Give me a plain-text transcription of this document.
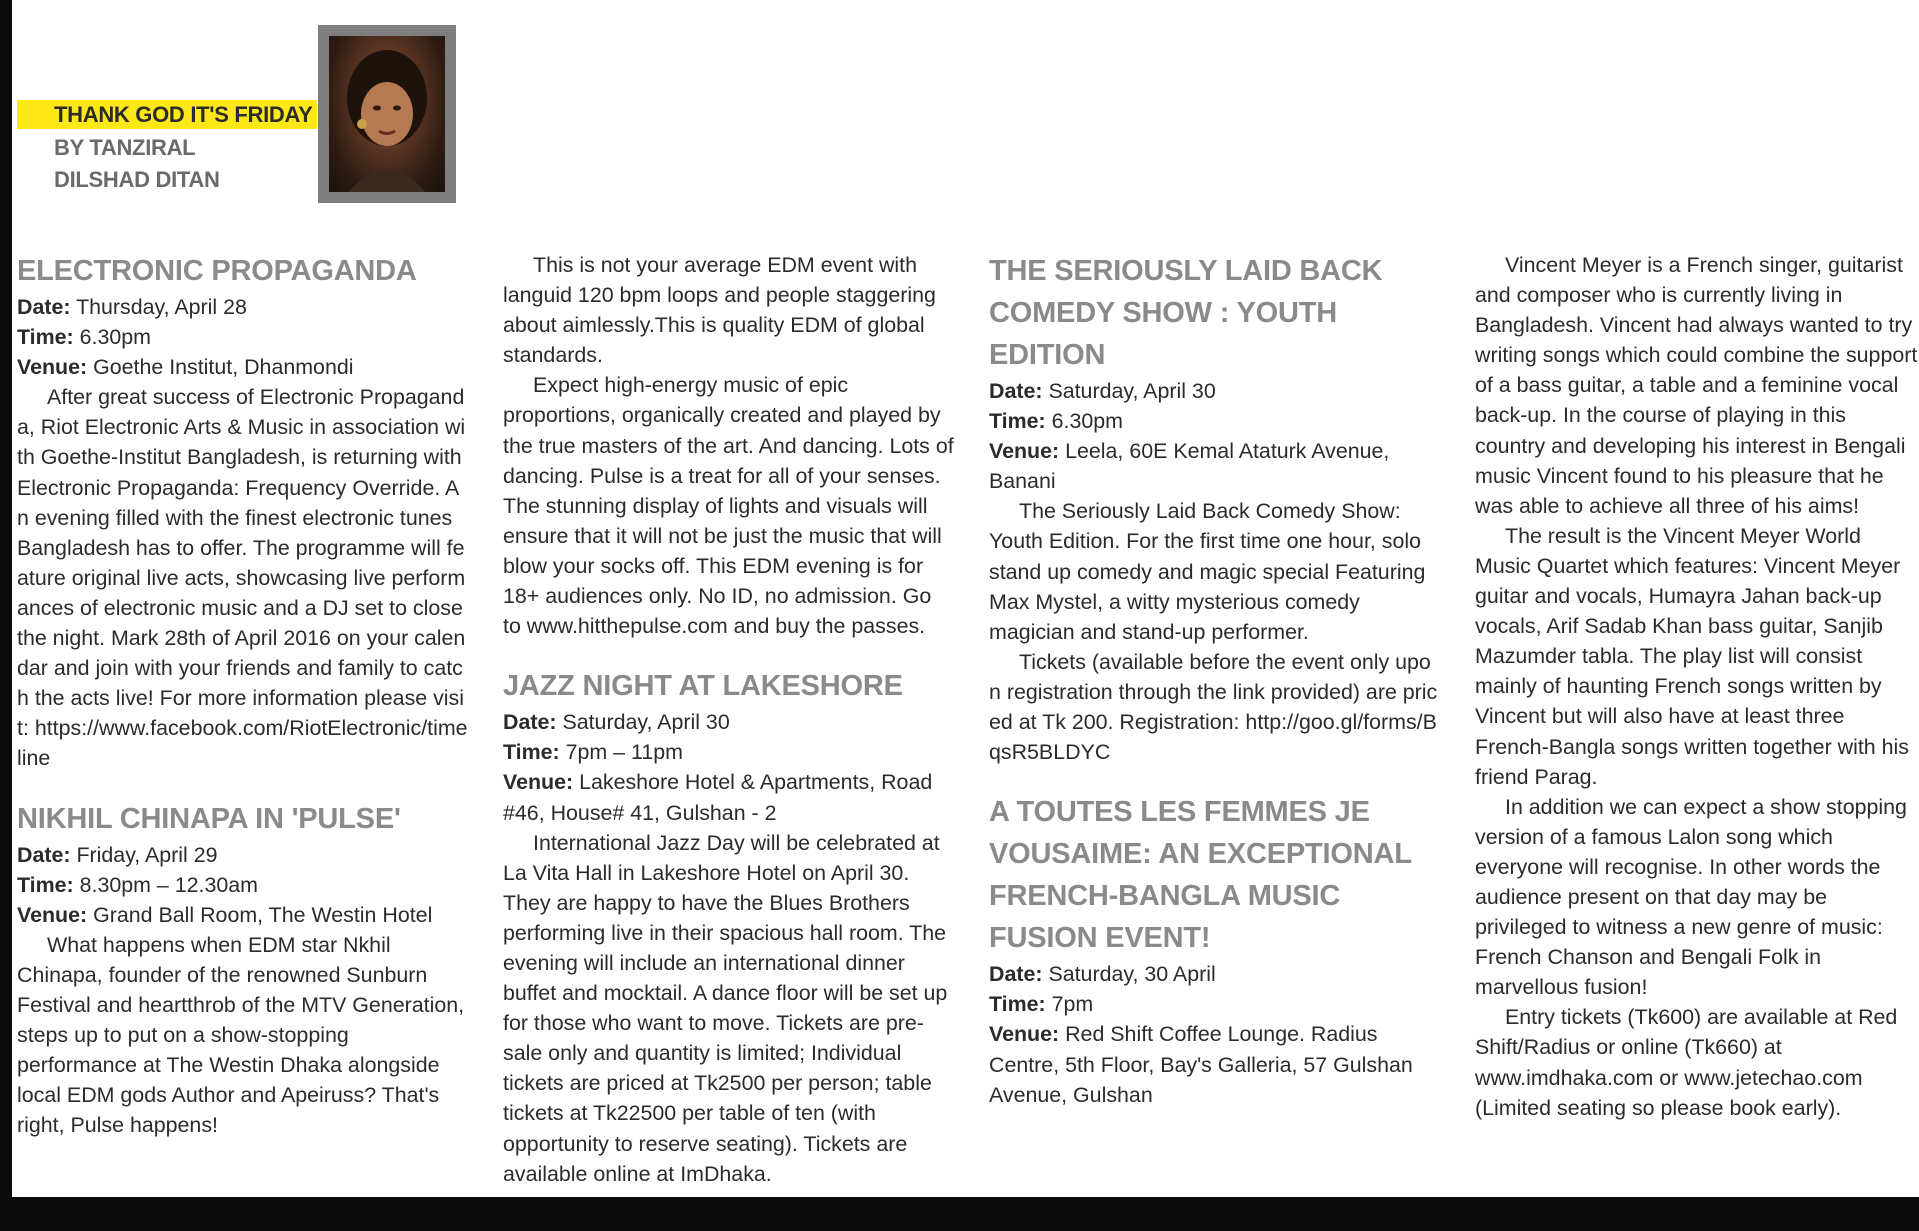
THANK GOD IT'S FRIDAY
BY TANZIRAL DILSHAD DITAN
ELECTRONIC PROPAGANDA

Date: Thursday, April 28

Time: 6.30pm

Venue: Goethe Institut, Dhanmondi

After great success of Electronic Propaganda, Riot Electronic Arts & Music in association with Goethe-Institut Bangladesh, is returning with Electronic Propaganda: Frequency Override. An evening filled with the finest electronic tunes Bangladesh has to offer. The programme will feature original live acts, showcasing live performances of electronic music and a DJ set to close the night. Mark 28th of April 2016 on your calendar and join with your friends and family to catch the acts live! For more information please visit: https://www.facebook.com/RiotElectronic/timeline

NIKHIL CHINAPA IN 'PULSE'

Date: Friday, April 29

Time: 8.30pm – 12.30am

Venue: Grand Ball Room, The Westin Hotel

What happens when EDM star Nkhil Chinapa, founder of the renowned Sunburn Festival and heartthrob of the MTV Generation, steps up to put on a show-stopping performance at The Westin Dhaka alongside local EDM gods Author and Apeiruss? That's right, Pulse happens!

This is not your average EDM event with languid 120 bpm loops and people staggering about aimlessly.This is quality EDM of global standards.

Expect high-energy music of epic proportions, organically created and played by the true masters of the art. And dancing. Lots of dancing. Pulse is a treat for all of your senses. The stunning display of lights and visuals will ensure that it will not be just the music that will blow your socks off. This EDM evening is for 18+ audiences only. No ID, no admission. Go to www.hitthepulse.com and buy the passes.

JAZZ NIGHT AT LAKESHORE

Date: Saturday, April 30

Time: 7pm – 11pm

Venue: Lakeshore Hotel & Apartments, Road #46, House# 41, Gulshan - 2

International Jazz Day will be celebrated at La Vita Hall in Lakeshore Hotel on April 30. They are happy to have the Blues Brothers performing live in their spacious hall room. The evening will include an international dinner buffet and mocktail. A dance floor will be set up for those who want to move. Tickets are pre-sale only and quantity is limited; Individual tickets are priced at Tk2500 per person; table tickets at Tk22500 per table of ten (with opportunity to reserve seating). Tickets are available online at ImDhaka.

THE SERIOUSLY LAID BACK COMEDY SHOW : YOUTH EDITION

Date: Saturday, April 30

Time: 6.30pm

Venue: Leela, 60E Kemal Ataturk Avenue, Banani

The Seriously Laid Back Comedy Show: Youth Edition. For the first time one hour, solo stand up comedy and magic special Featuring Max Mystel, a witty mysterious comedy magician and stand-up performer.

Tickets (available before the event only upon registration through the link provided) are priced at Tk 200. Registration: http://goo.gl/forms/BqsR5BLDYC

A TOUTES LES FEMMES JE VOUSAIME: AN EXCEPTIONAL FRENCH-BANGLA MUSIC FUSION EVENT!

Date: Saturday, 30 April

Time: 7pm

Venue: Red Shift Coffee Lounge. Radius Centre, 5th Floor, Bay's Galleria, 57 Gulshan Avenue, Gulshan

Vincent Meyer is a French singer, guitarist and composer who is currently living in Bangladesh. Vincent had always wanted to try writing songs which could combine the support of a bass guitar, a table and a feminine vocal back-up. In the course of playing in this country and developing his interest in Bengali music Vincent found to his pleasure that he was able to achieve all three of his aims!

The result is the Vincent Meyer World Music Quartet which features: Vincent Meyer guitar and vocals, Humayra Jahan back-up vocals, Arif Sadab Khan bass guitar, Sanjib Mazumder tabla. The play list will consist mainly of haunting French songs written by Vincent but will also have at least three French-Bangla songs written together with his friend Parag.

In addition we can expect a show stopping version of a famous Lalon song which everyone will recognise. In other words the audience present on that day may be privileged to witness a new genre of music: French Chanson and Bengali Folk in marvellous fusion!

Entry tickets (Tk600) are available at Red Shift/Radius or online (Tk660) at www.imdhaka.com or www.jetechao.com (Limited seating so please book early).
